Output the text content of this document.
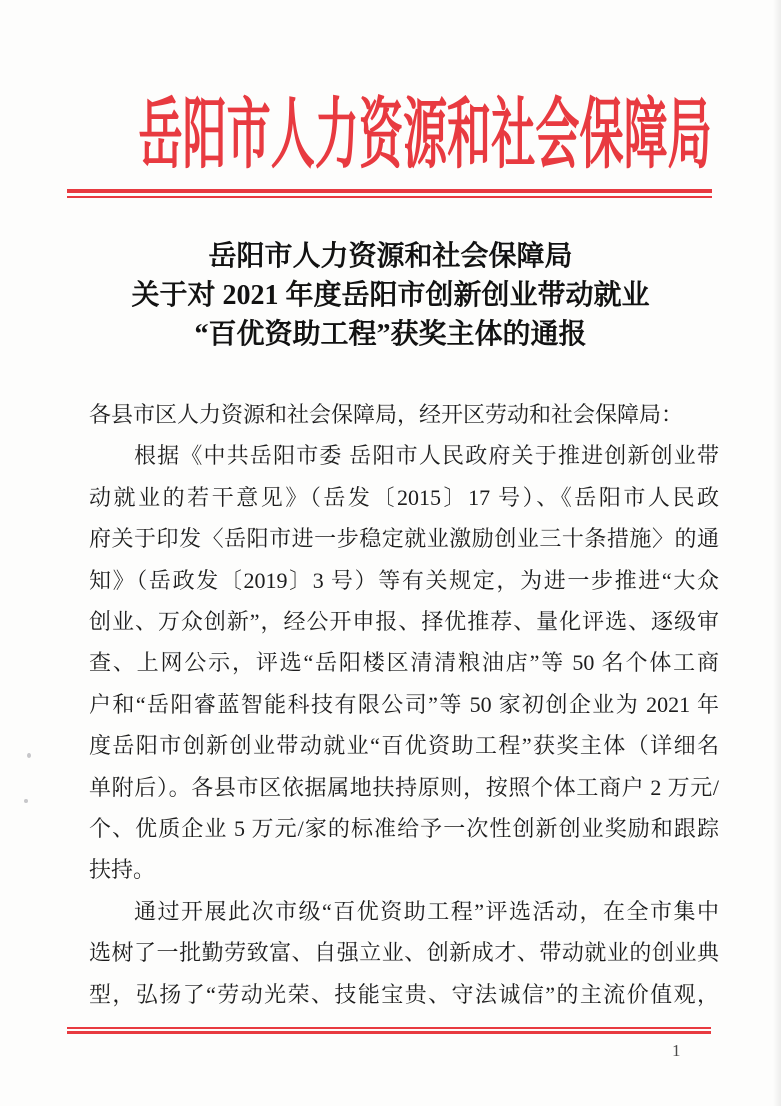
岳阳市人力资源和社会保障局
岳阳市人力资源和社会保障局
关于对 2021 年度岳阳市创新创业带动就业
“百优资助工程”获奖主体的通报
各县市区人力资源和社会保障局，经开区劳动和社会保障局：
根据《中共岳阳市委 岳阳市人民政府关于推进创新创业带
动就业的若干意见》（岳发〔2015〕17 号）、《岳阳市人民政
府关于印发〈岳阳市进一步稳定就业激励创业三十条措施〉的通
知》（岳政发〔2019〕3 号）等有关规定，为进一步推进“大众
创业、万众创新”，经公开申报、择优推荐、量化评选、逐级审
查、上网公示，评选“岳阳楼区清清粮油店”等 50 名个体工商
户和“岳阳睿蓝智能科技有限公司”等 50 家初创企业为 2021 年
度岳阳市创新创业带动就业“百优资助工程”获奖主体（详细名
单附后）。各县市区依据属地扶持原则，按照个体工商户 2 万元/
个、优质企业 5 万元/家的标准给予一次性创新创业奖励和跟踪
扶持。
通过开展此次市级“百优资助工程”评选活动，在全市集中
选树了一批勤劳致富、自强立业、创新成才、带动就业的创业典
型，弘扬了“劳动光荣、技能宝贵、守法诚信”的主流价值观，
1
